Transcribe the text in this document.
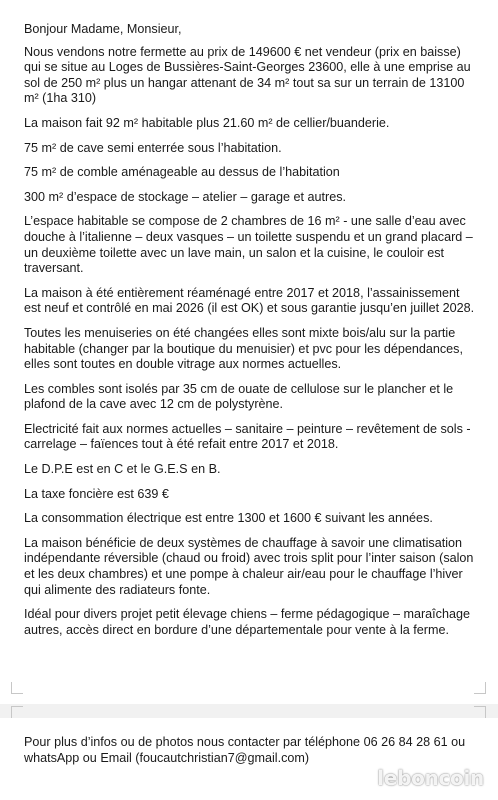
Bonjour Madame, Monsieur,

Nous vendons notre fermette au prix de 149600 € net vendeur (prix en baisse) qui se situe au Loges de Bussières-Saint-Georges 23600, elle à une emprise au sol de 250 m² plus un hangar attenant de 34 m² tout sa sur un terrain de 13100 m² (1ha 310)

La maison fait 92 m² habitable plus 21.60 m² de cellier/buanderie.

75 m² de cave semi enterrée sous l’habitation.

75 m² de comble aménageable au dessus de l’habitation

300 m² d’espace de stockage – atelier – garage et autres.

L’espace habitable se compose de 2 chambres de 16 m² - une salle d’eau avec douche à l’italienne – deux vasques – un toilette suspendu et un grand placard – un deuxième toilette avec un lave main, un salon et la cuisine, le couloir est traversant.

La maison à été entièrement réaménagé entre 2017 et 2018, l’assainissement est neuf et contrôlé en mai 2026 (il est OK) et sous garantie jusqu’en juillet 2028.

Toutes les menuiseries on été changées elles sont mixte bois/alu sur la partie habitable (changer par la boutique du menuisier) et pvc pour les dépendances, elles sont toutes en double vitrage aux normes actuelles.

Les combles sont isolés par 35 cm de ouate de cellulose sur le plancher et le plafond de la cave avec 12 cm de polystyrène.

Electricité fait aux normes actuelles – sanitaire – peinture – revêtement de sols - carrelage – faïences tout à été refait entre 2017 et 2018.

Le D.P.E est en C et le G.E.S en B.

La taxe foncière est 639 €

La consommation électrique est entre 1300 et 1600 € suivant les années.

La maison bénéficie de deux systèmes de chauffage à savoir une climatisation indépendante réversible (chaud ou froid) avec trois split pour l’inter saison (salon et les deux chambres) et une pompe à chaleur air/eau pour le chauffage l’hiver qui alimente des radiateurs fonte.

Idéal pour divers projet petit élevage chiens – ferme pédagogique – maraîchage autres, accès direct en bordure d’une départementale pour vente à la ferme.

Pour plus d’infos ou de photos nous contacter par téléphone 06 26 84 28 61 ou whatsApp ou Email (foucautchristian7@gmail.com)
leboncoin
